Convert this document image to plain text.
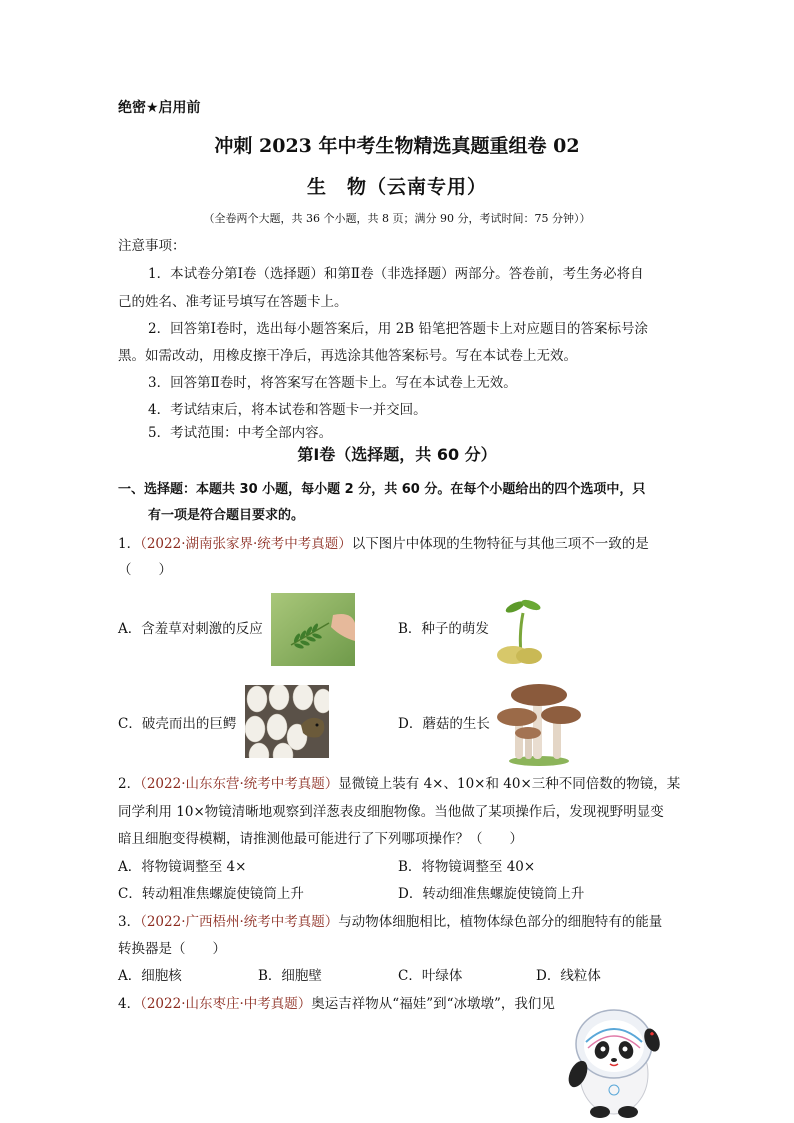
绝密★启用前
冲刺 2023 年中考生物精选真题重组卷 02
生　物（云南专用）
（全卷两个大题，共 36 个小题，共 8 页；满分 90 分，考试时间：75 分钟））
注意事项：
1．本试卷分第Ⅰ卷（选择题）和第Ⅱ卷（非选择题）两部分。答卷前，考生务必将自
己的姓名、准考证号填写在答题卡上。
2．回答第Ⅰ卷时，选出每小题答案后，用 2B 铅笔把答题卡上对应题目的答案标号涂
黑。如需改动，用橡皮擦干净后，再选涂其他答案标号。写在本试卷上无效。
3．回答第Ⅱ卷时，将答案写在答题卡上。写在本试卷上无效。
4．考试结束后，将本试卷和答题卡一并交回。
5．考试范围：中考全部内容。
第Ⅰ卷（选择题，共 60 分）
一、选择题：本题共 30 小题，每小题 2 分，共 60 分。在每个小题给出的四个选项中，只
有一项是符合题目要求的。
1．（2022·湖南张家界·统考中考真题）以下图片中体现的生物特征与其他三项不一致的是
（　　）
A．含羞草对刺激的反应	B．种子的萌发
C．破壳而出的巨鳄	D．蘑菇的生长
2．（2022·山东东营·统考中考真题）显微镜上装有 4×、10×和 40×三种不同倍数的物镜，某
同学利用 10×物镜清晰地观察到洋葱表皮细胞物像。当他做了某项操作后，发现视野明显变
暗且细胞变得模糊，请推测他最可能进行了下列哪项操作？（　　）
A．将物镜调整至 4×	B．将物镜调整至 40×
C．转动粗准焦螺旋使镜筒上升	D．转动细准焦螺旋使镜筒上升
3．（2022·广西梧州·统考中考真题）与动物体细胞相比，植物体绿色部分的细胞特有的能量
转换器是（　　）
A．细胞核	B．细胞壁	C．叶绿体	D．线粒体
4．（2022·山东枣庄·中考真题）奥运吉祥物从“福娃”到“冰墩墩”，我们见
